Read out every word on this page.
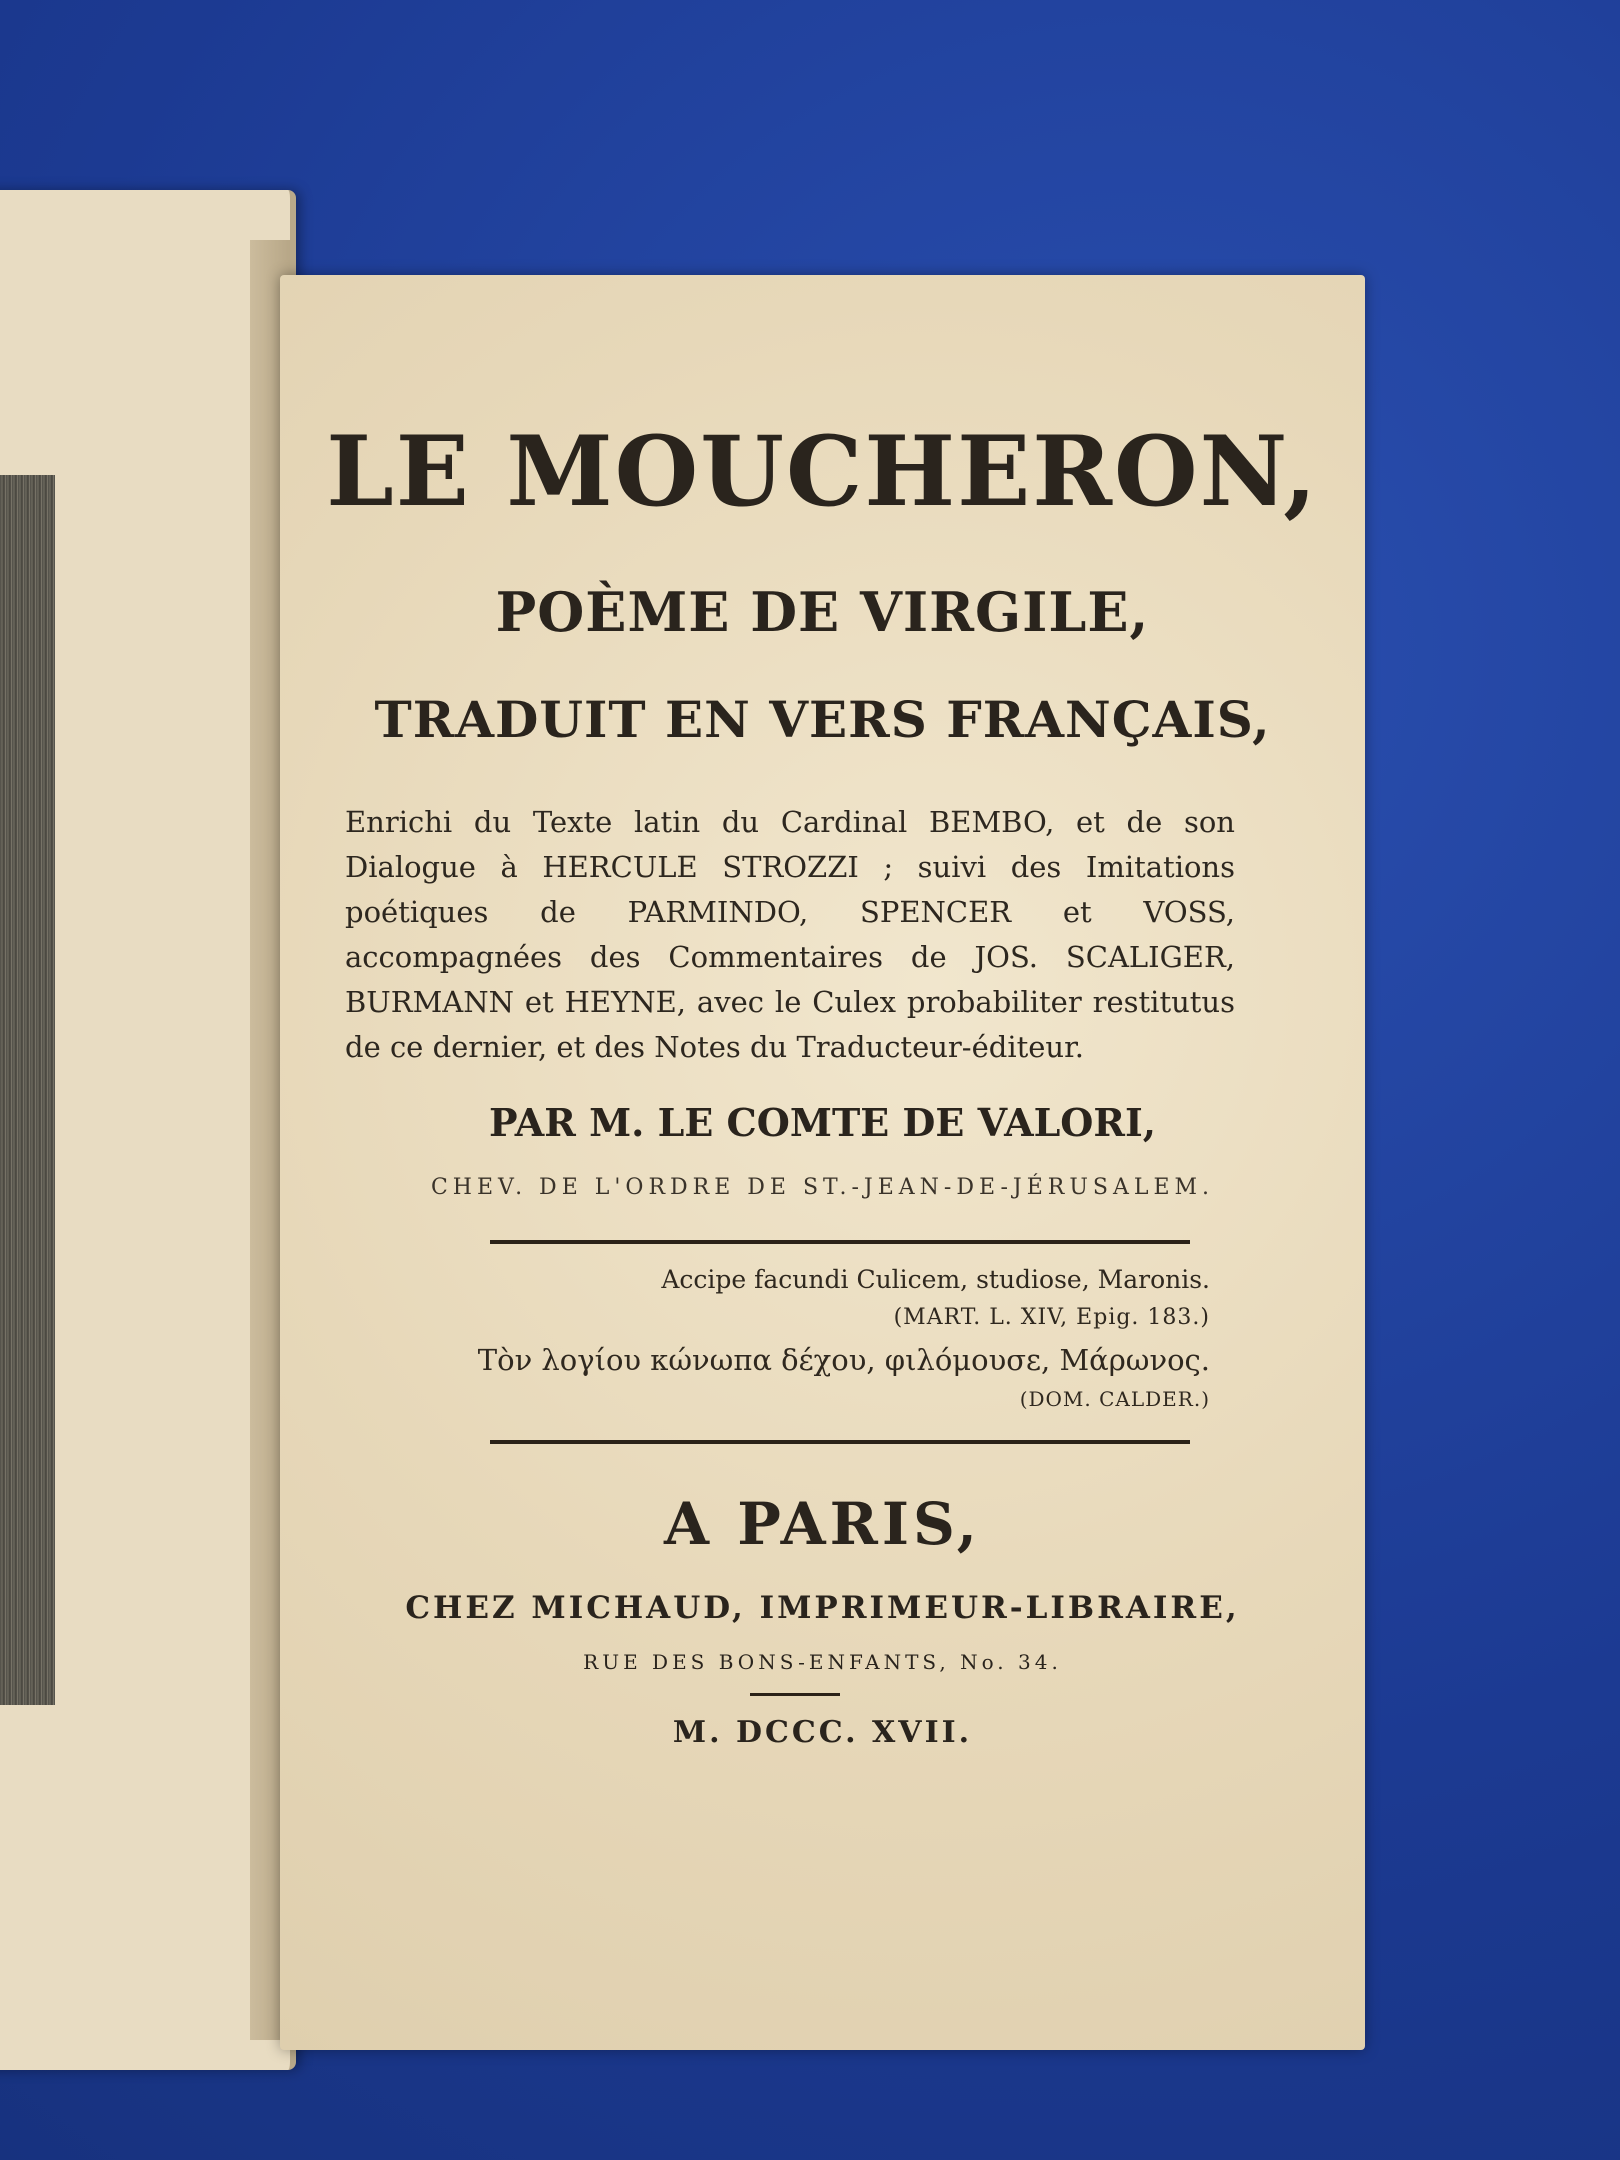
LE MOUCHERON,
POÈME DE VIRGILE,
TRADUIT EN VERS FRANÇAIS,
Enrichi du Texte latin du Cardinal BEMBO, et de son Dialogue à HERCULE STROZZI ; suivi des Imitations poétiques de PARMINDO, SPENCER et VOSS, accompagnées des Commentaires de JOS. SCALIGER, BURMANN et HEYNE, avec le Culex probabiliter restitutus de ce dernier, et des Notes du Traducteur-éditeur.
PAR M. LE COMTE DE VALORI,
CHEV. DE L'ORDRE DE ST.-JEAN-DE-JÉRUSALEM.
Accipe facundi Culicem, studiose, Maronis.
(MART. L. XIV, Epig. 183.)
Τὸν λογίου κώνωπα δέχου, φιλόμουσε, Μάρωνος.
(DOM. CALDER.)
A PARIS,
CHEZ MICHAUD, IMPRIMEUR-LIBRAIRE,
RUE DES BONS-ENFANTS, No. 34.
M. DCCC. XVII.
